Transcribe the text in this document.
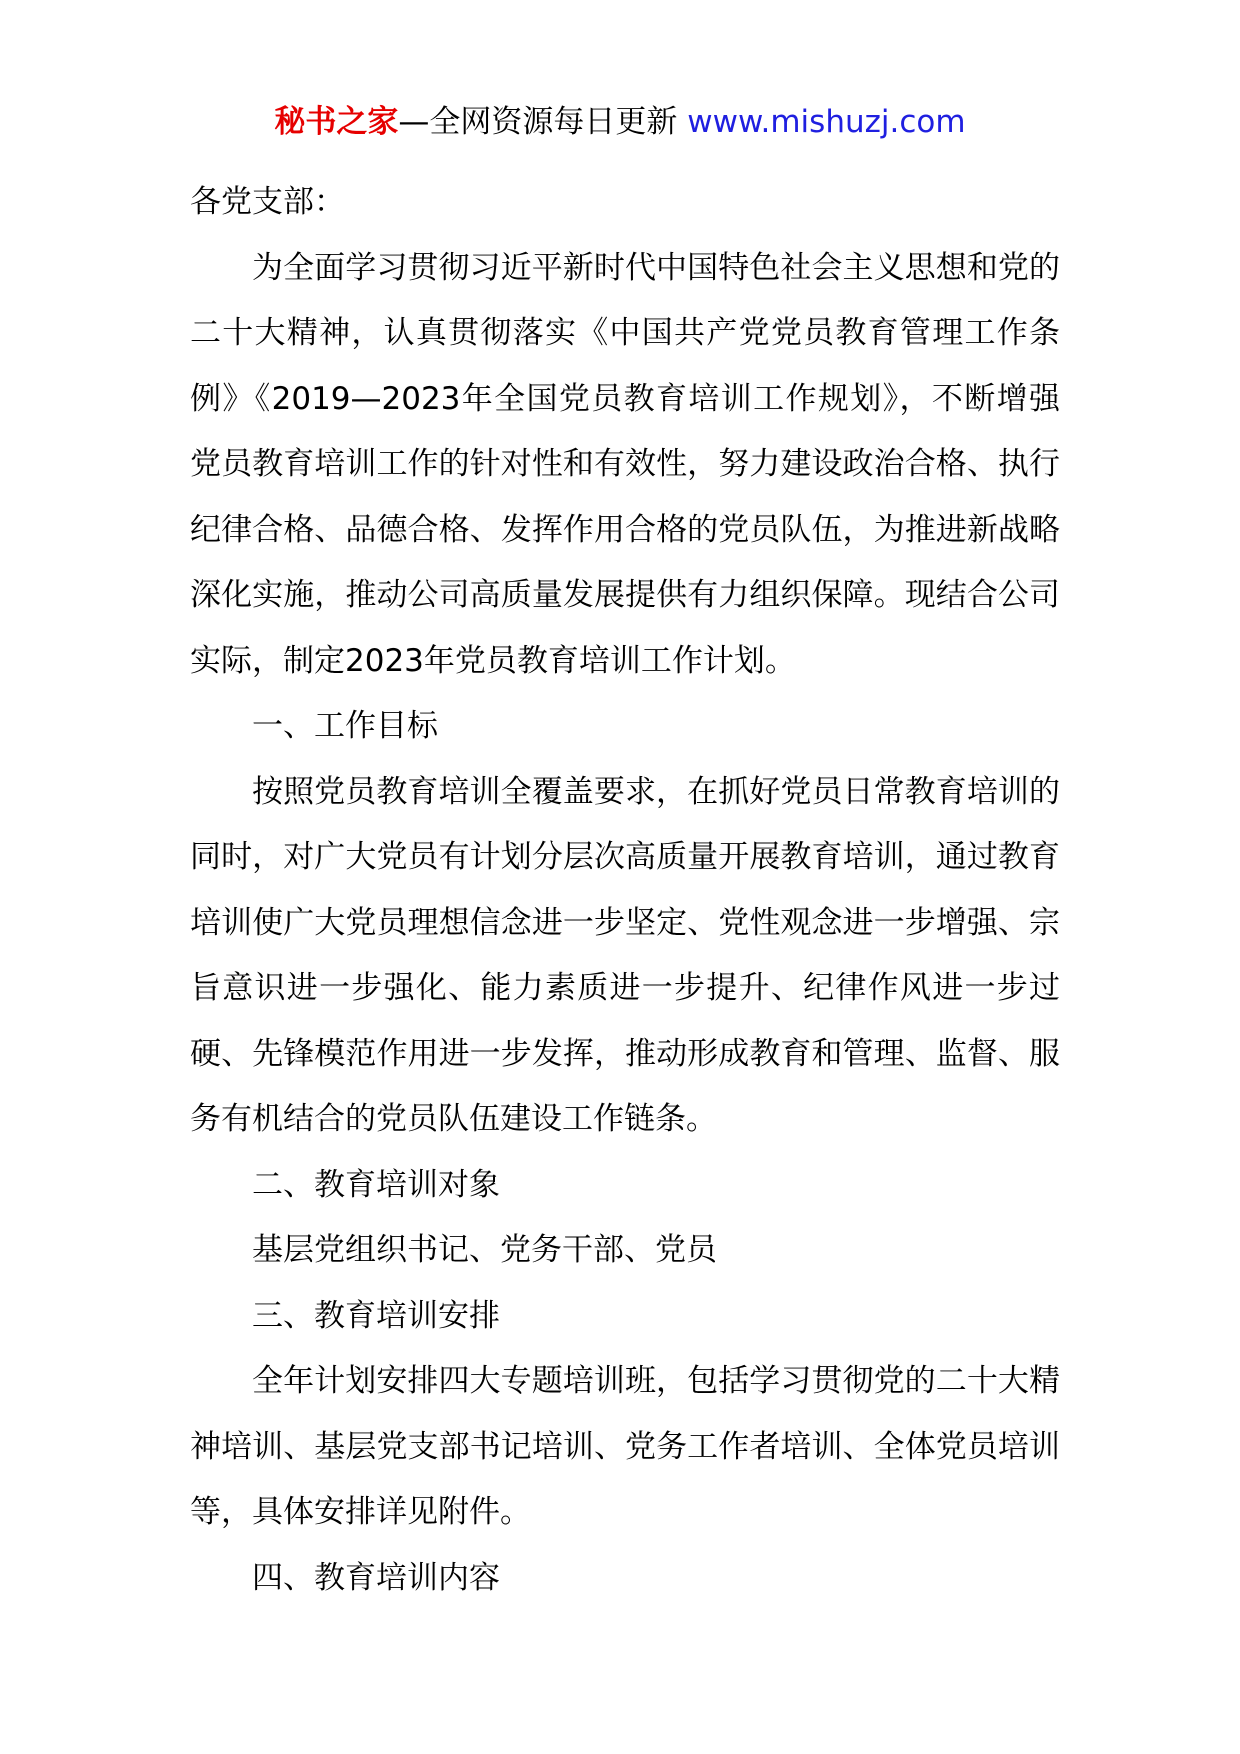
秘书之家—全网资源每日更新 www.mishuzj.com

各党支部：

为全面学习贯彻习近平新时代中国特色社会主义思想和党的二十大精神，认真贯彻落实《中国共产党党员教育管理工作条例》《2019—2023年全国党员教育培训工作规划》，不断增强党员教育培训工作的针对性和有效性，努力建设政治合格、执行纪律合格、品德合格、发挥作用合格的党员队伍，为推进新战略深化实施，推动公司高质量发展提供有力组织保障。现结合公司实际，制定2023年党员教育培训工作计划。

一、工作目标

按照党员教育培训全覆盖要求，在抓好党员日常教育培训的同时，对广大党员有计划分层次高质量开展教育培训，通过教育培训使广大党员理想信念进一步坚定、党性观念进一步增强、宗旨意识进一步强化、能力素质进一步提升、纪律作风进一步过硬、先锋模范作用进一步发挥，推动形成教育和管理、监督、服务有机结合的党员队伍建设工作链条。

二、教育培训对象

基层党组织书记、党务干部、党员

三、教育培训安排

全年计划安排四大专题培训班，包括学习贯彻党的二十大精神培训、基层党支部书记培训、党务工作者培训、全体党员培训等，具体安排详见附件。

四、教育培训内容
